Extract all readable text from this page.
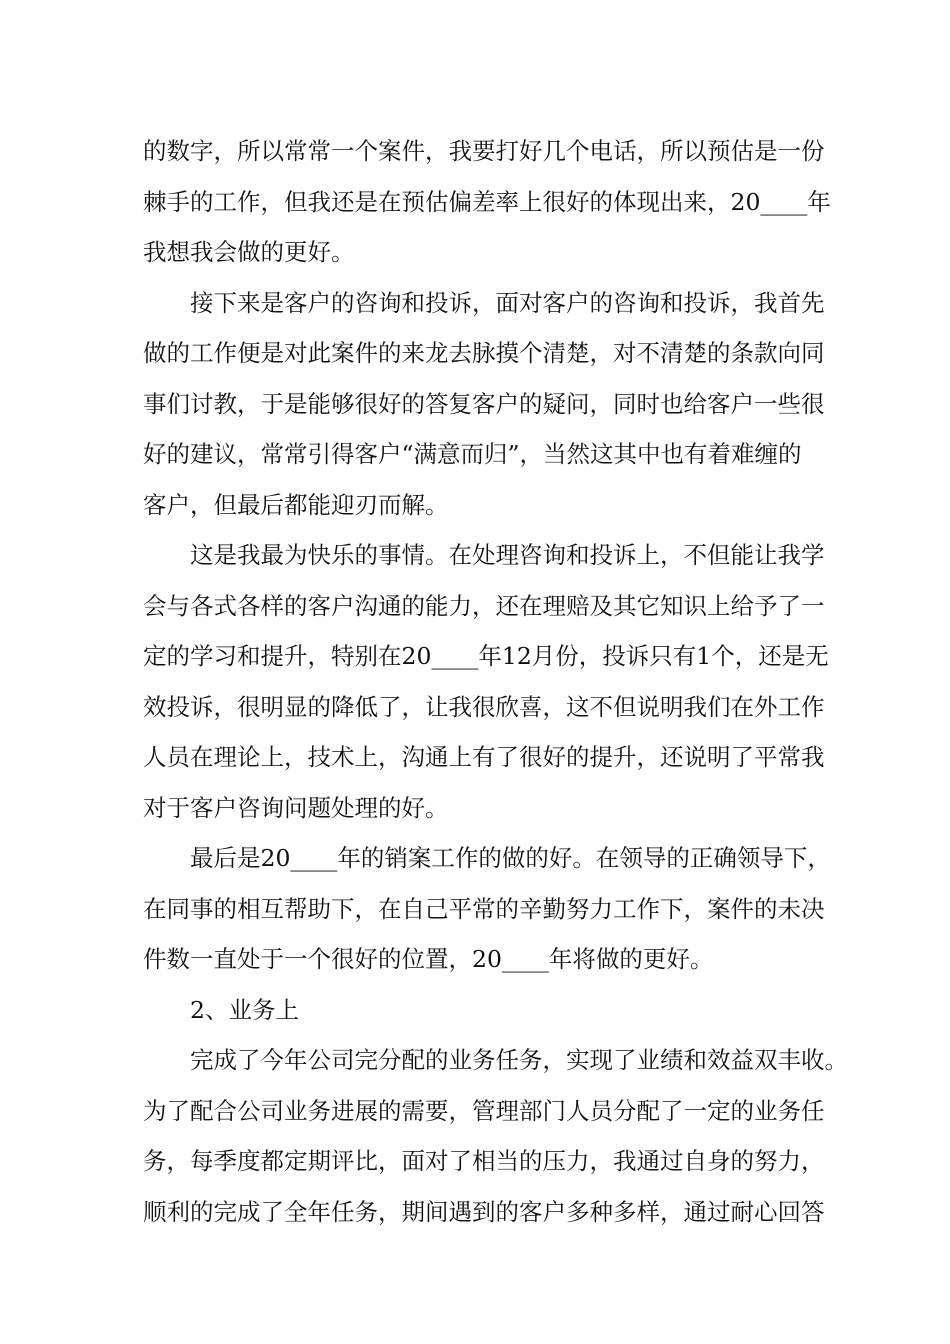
的数字，所以常常一个案件，我要打好几个电话，所以预估是一份
棘手的工作，但我还是在预估偏差率上很好的体现出来，20____年
我想我会做的更好。
接下来是客户的咨询和投诉，面对客户的咨询和投诉，我首先
做的工作便是对此案件的来龙去脉摸个清楚，对不清楚的条款向同
事们讨教，于是能够很好的答复客户的疑问，同时也给客户一些很
好的建议，常常引得客户“满意而归”，当然这其中也有着难缠的
客户，但最后都能迎刃而解。
这是我最为快乐的事情。在处理咨询和投诉上，不但能让我学
会与各式各样的客户沟通的能力，还在理赔及其它知识上给予了一
定的学习和提升，特别在20____年12月份，投诉只有1个，还是无
效投诉，很明显的降低了，让我很欣喜，这不但说明我们在外工作
人员在理论上，技术上，沟通上有了很好的提升，还说明了平常我
对于客户咨询问题处理的好。
最后是20____年的销案工作的做的好。在领导的正确领导下，
在同事的相互帮助下，在自己平常的辛勤努力工作下，案件的未决
件数一直处于一个很好的位置，20____年将做的更好。
2、业务上
完成了今年公司完分配的业务任务，实现了业绩和效益双丰收。
为了配合公司业务进展的需要，管理部门人员分配了一定的业务任
务，每季度都定期评比，面对了相当的压力，我通过自身的努力，
顺利的完成了全年任务，期间遇到的客户多种多样，通过耐心回答
